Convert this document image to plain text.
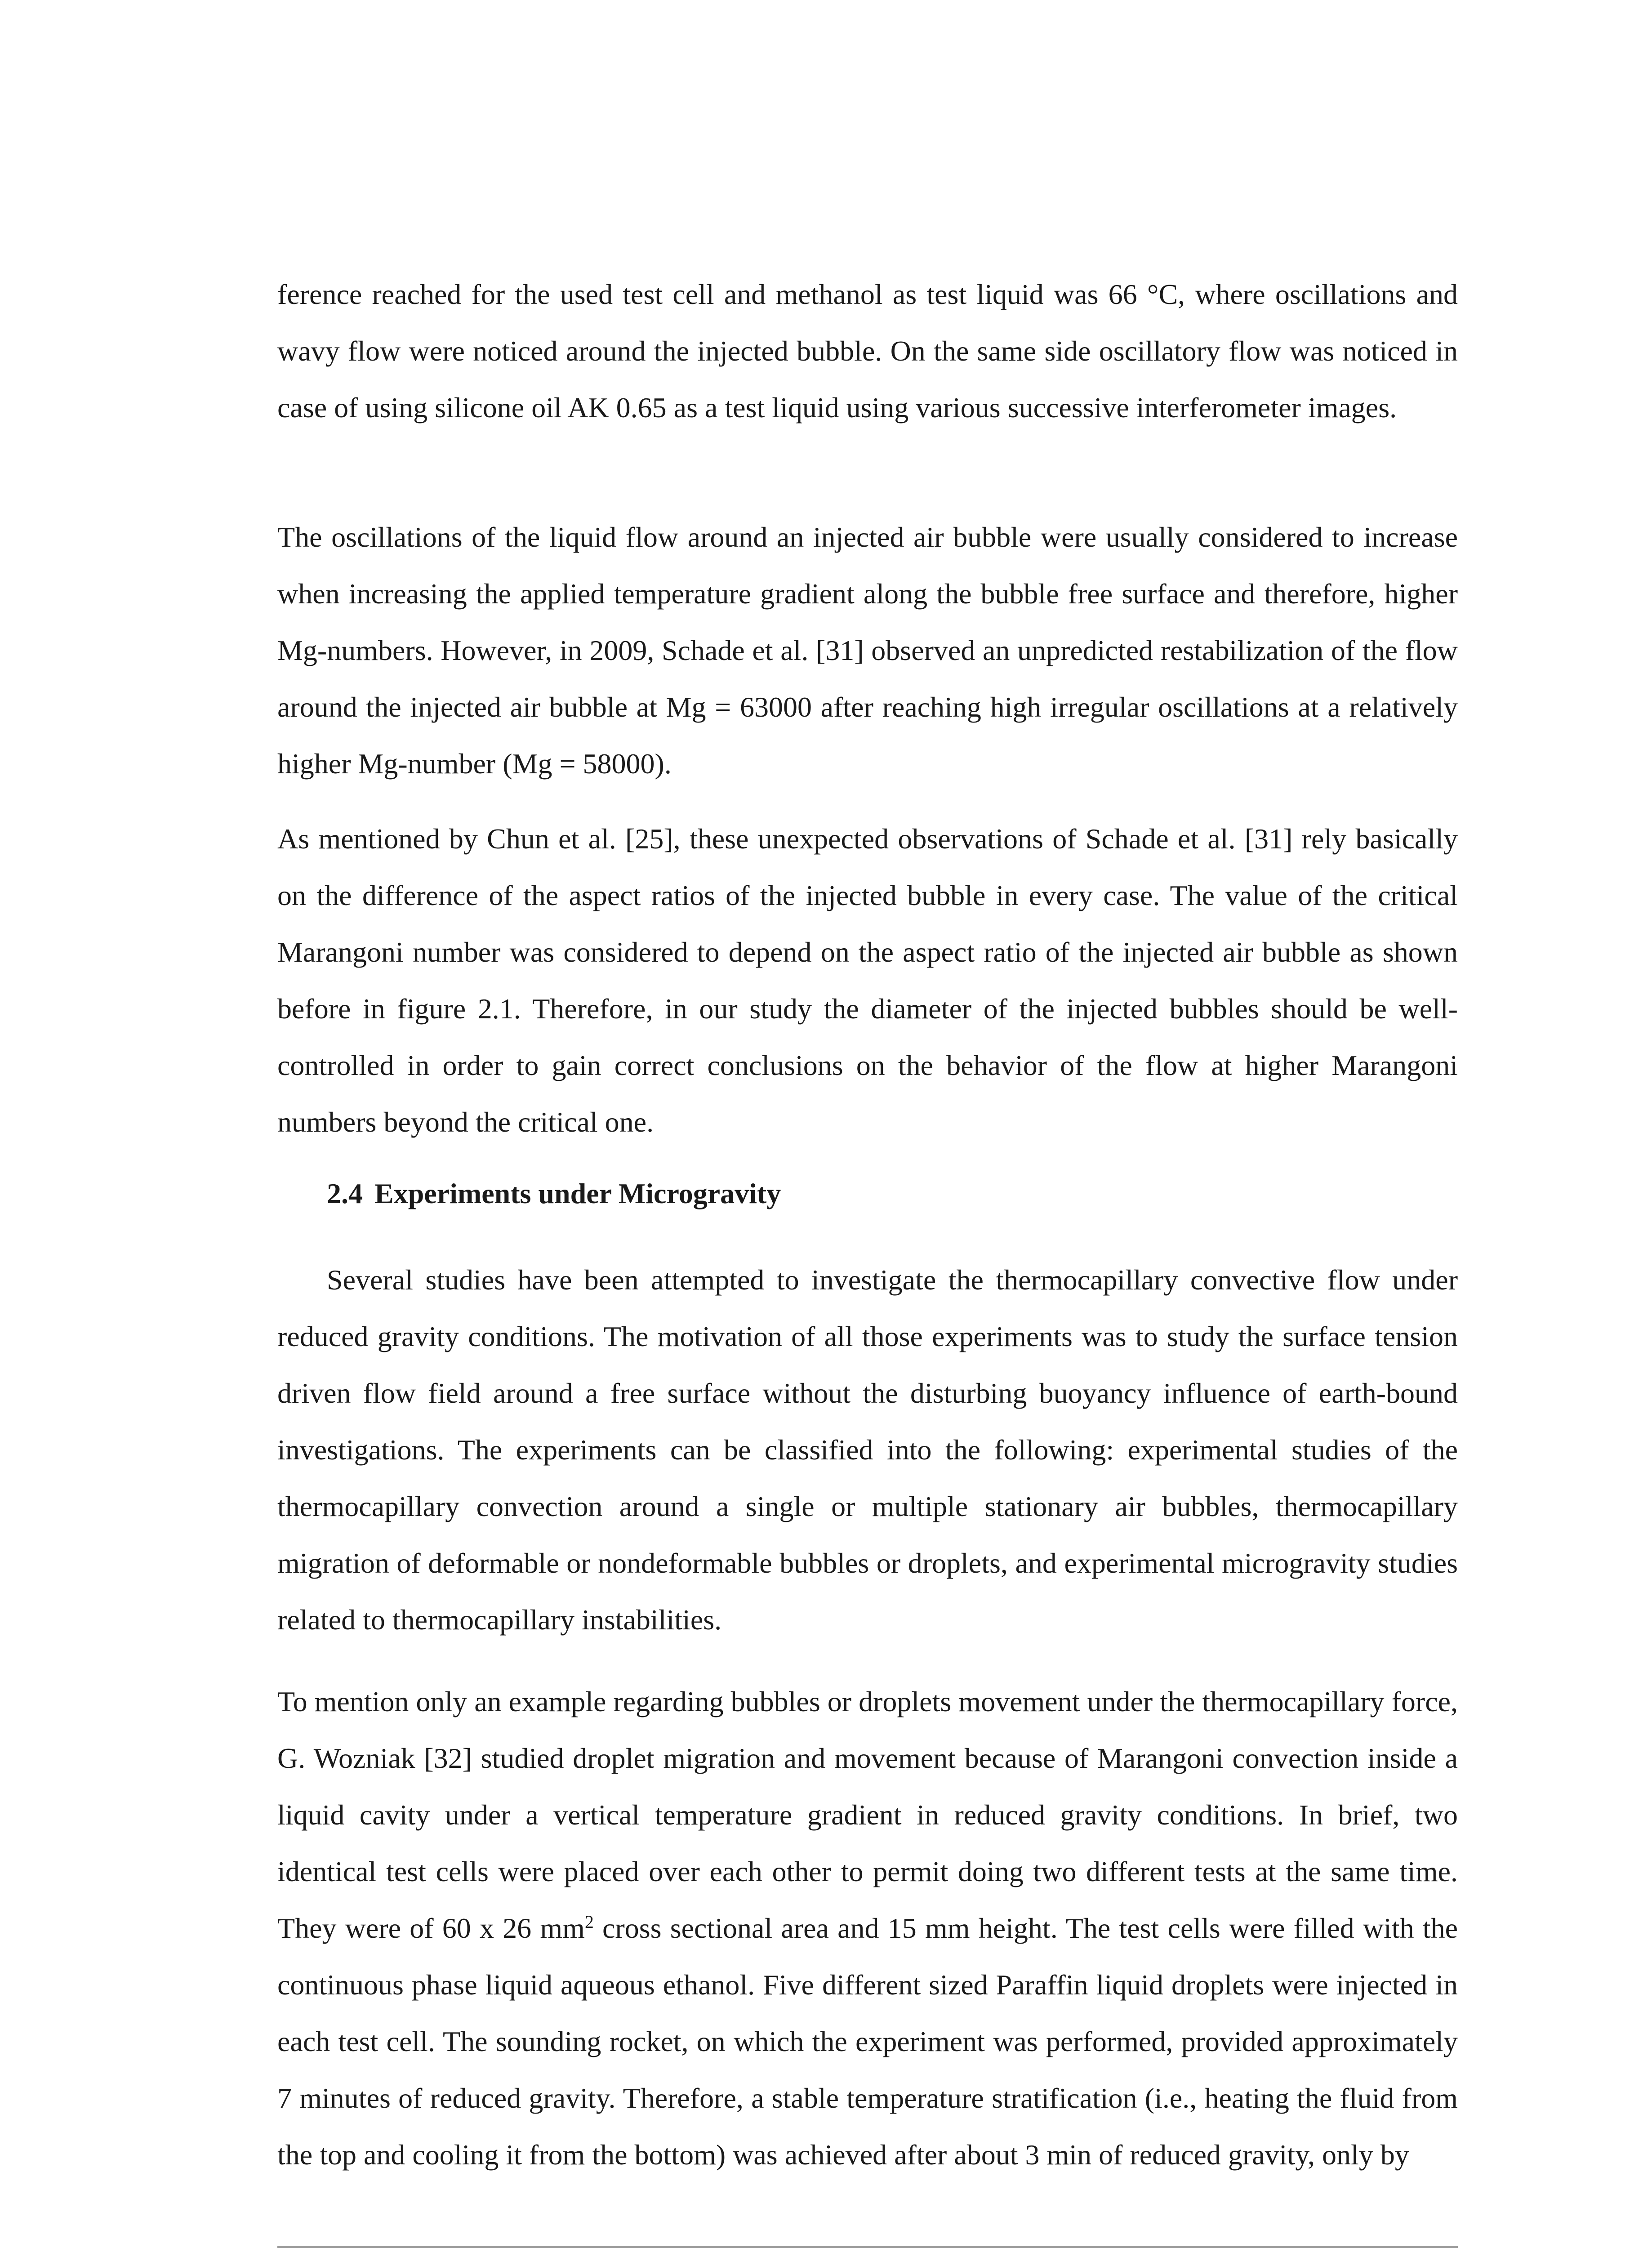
ference reached for the used test cell and methanol as test liquid was 66 °C, where oscillations and wavy flow were noticed around the injected bubble. On the same side oscillatory flow was noticed in case of using silicone oil AK 0.65 as a test liquid using various successive interferometer images.

The oscillations of the liquid flow around an injected air bubble were usually considered to increase when increasing the applied temperature gradient along the bubble free surface and therefore, higher Mg-numbers. However, in 2009, Schade et al. [31] observed an unpredicted restabilization of the flow around the injected air bubble at Mg = 63000 after reaching high irregular oscillations at a relatively higher Mg-number (Mg = 58000).

As mentioned by Chun et al. [25], these unexpected observations of Schade et al. [31] rely basically on the difference of the aspect ratios of the injected bubble in every case. The value of the critical Marangoni number was considered to depend on the aspect ratio of the injected air bubble as shown before in figure 2.1. Therefore, in our study the diameter of the injected bubbles should be well-controlled in order to gain correct conclusions on the behavior of the flow at higher Marangoni numbers beyond the critical one.

2.4 Experiments under Microgravity

Several studies have been attempted to investigate the thermocapillary convective flow under reduced gravity conditions. The motivation of all those experiments was to study the surface tension driven flow field around a free surface without the disturbing buoyancy influence of earth-bound investigations. The experiments can be classified into the following: experimental studies of the thermocapillary convection around a single or multiple stationary air bubbles, thermocapillary migration of deformable or nondeformable bubbles or droplets, and experimental microgravity studies related to thermocapillary instabilities.

To mention only an example regarding bubbles or droplets movement under the thermocapillary force, G. Wozniak [32] studied droplet migration and movement because of Marangoni convection inside a liquid cavity under a vertical temperature gradient in reduced gravity conditions. In brief, two identical test cells were placed over each other to permit doing two different tests at the same time. They were of 60 x 26 $mm^2$ cross sectional area and 15 mm height. The test cells were filled with the continuous phase liquid aqueous ethanol. Five different sized Paraffin liquid droplets were injected in each test cell. The sounding rocket, on which the experiment was performed, provided approximately 7 minutes of reduced gravity. Therefore, a stable temperature stratification (i.e., heating the fluid from the top and cooling it from the bottom) was achieved after about 3 min of reduced gravity, only by
